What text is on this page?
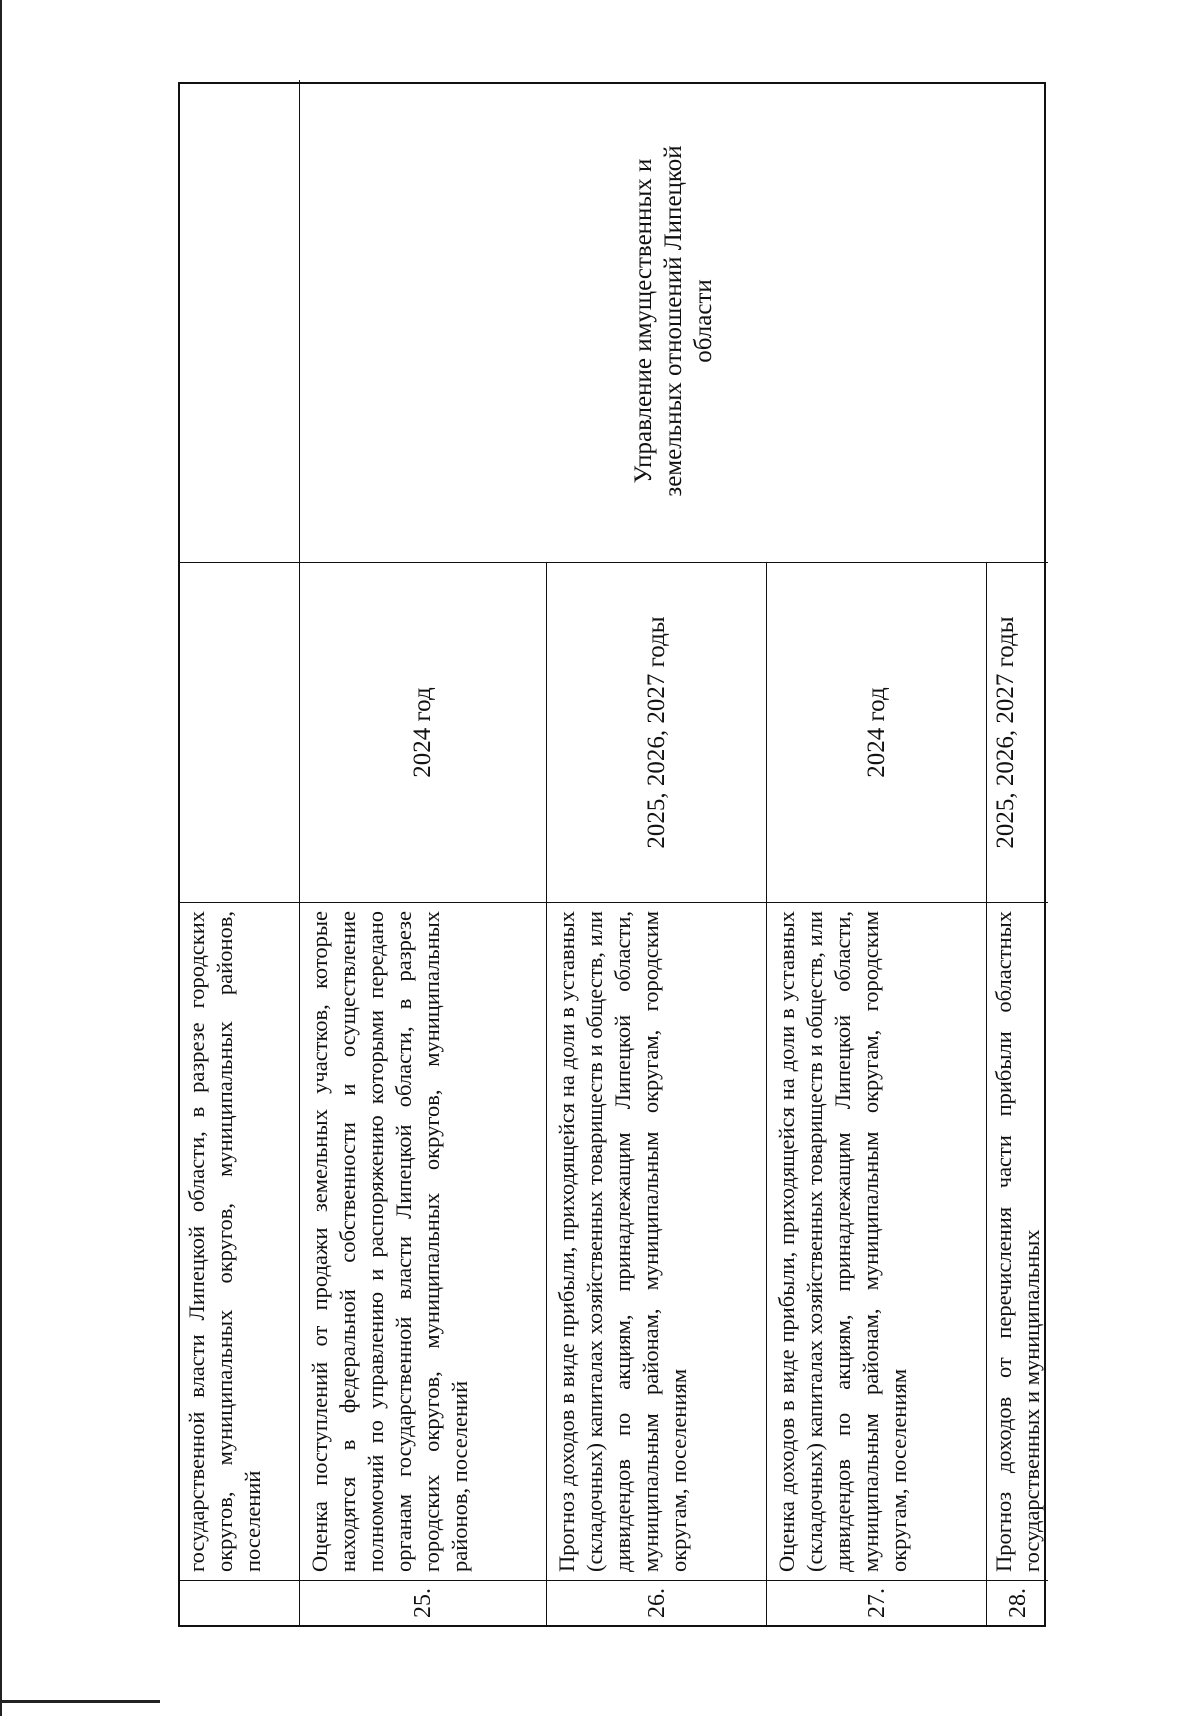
государственной власти Липецкой области, в разрезе городских округов, муниципальных округов, муниципальных районов, поселений
25.
Оценка поступлений от продажи земельных участков, которые находятся в федеральной собственности и осуществление полномочий по управлению и распоряжению которыми передано органам государственной власти Липецкой области, в разрезе городских округов, муниципальных округов, муниципальных районов, поселений
2024 год
Управление имущественных и земельных отношений Липецкой области
26.
Прогноз доходов в виде прибыли, приходящейся на доли в уставных (складочных) капиталах хозяйственных товариществ и обществ, или дивидендов по акциям, принадлежащим Липецкой области, муниципальным районам, муниципальным округам, городским округам, поселениям
2025, 2026, 2027 годы
27.
Оценка доходов в виде прибыли, приходящейся на доли в уставных (складочных) капиталах хозяйственных товариществ и обществ, или дивидендов по акциям, принадлежащим Липецкой области, муниципальным районам, муниципальным округам, городским округам, поселениям
2024 год
28.
Прогноз доходов от перечисления части прибыли областных государственных и муниципальных
2025, 2026, 2027 годы
